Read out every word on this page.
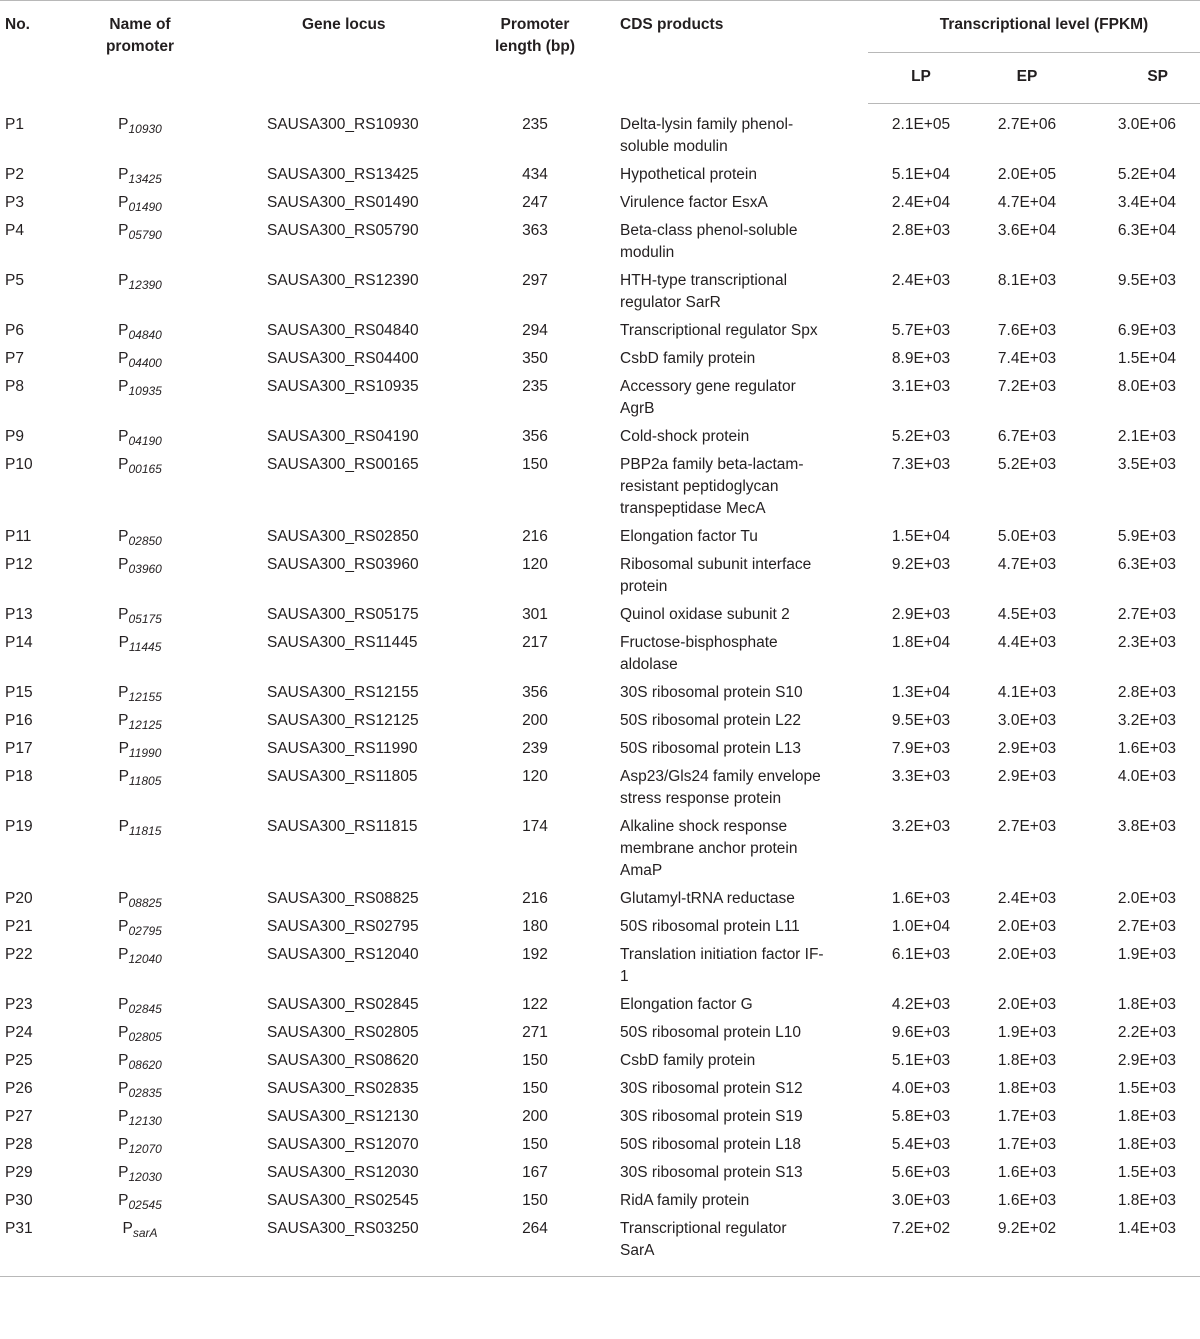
No.	Name of promoter	Gene locus	Promoter length (bp)	CDS products	Transcriptional level (FPKM)		
					LP	EP	SP
P1	$P_{10930}$	SAUSA300_RS10930	235	Delta-lysin family phenol-soluble modulin	2.1E+05	2.7E+06	3.0E+06
P2	$P_{13425}$	SAUSA300_RS13425	434	Hypothetical protein	5.1E+04	2.0E+05	5.2E+04
P3	$P_{01490}$	SAUSA300_RS01490	247	Virulence factor EsxA	2.4E+04	4.7E+04	3.4E+04
P4	$P_{05790}$	SAUSA300_RS05790	363	Beta-class phenol-soluble modulin	2.8E+03	3.6E+04	6.3E+04
P5	$P_{12390}$	SAUSA300_RS12390	297	HTH-type transcriptional regulator SarR	2.4E+03	8.1E+03	9.5E+03
P6	$P_{04840}$	SAUSA300_RS04840	294	Transcriptional regulator Spx	5.7E+03	7.6E+03	6.9E+03
P7	$P_{04400}$	SAUSA300_RS04400	350	CsbD family protein	8.9E+03	7.4E+03	1.5E+04
P8	$P_{10935}$	SAUSA300_RS10935	235	Accessory gene regulator AgrB	3.1E+03	7.2E+03	8.0E+03
P9	$P_{04190}$	SAUSA300_RS04190	356	Cold-shock protein	5.2E+03	6.7E+03	2.1E+03
P10	$P_{00165}$	SAUSA300_RS00165	150	PBP2a family beta-lactam-resistant peptidoglycan transpeptidase MecA	7.3E+03	5.2E+03	3.5E+03
P11	$P_{02850}$	SAUSA300_RS02850	216	Elongation factor Tu	1.5E+04	5.0E+03	5.9E+03
P12	$P_{03960}$	SAUSA300_RS03960	120	Ribosomal subunit interface protein	9.2E+03	4.7E+03	6.3E+03
P13	$P_{05175}$	SAUSA300_RS05175	301	Quinol oxidase subunit 2	2.9E+03	4.5E+03	2.7E+03
P14	$P_{11445}$	SAUSA300_RS11445	217	Fructose-bisphosphate aldolase	1.8E+04	4.4E+03	2.3E+03
P15	$P_{12155}$	SAUSA300_RS12155	356	30S ribosomal protein S10	1.3E+04	4.1E+03	2.8E+03
P16	$P_{12125}$	SAUSA300_RS12125	200	50S ribosomal protein L22	9.5E+03	3.0E+03	3.2E+03
P17	$P_{11990}$	SAUSA300_RS11990	239	50S ribosomal protein L13	7.9E+03	2.9E+03	1.6E+03
P18	$P_{11805}$	SAUSA300_RS11805	120	Asp23/Gls24 family envelope stress response protein	3.3E+03	2.9E+03	4.0E+03
P19	$P_{11815}$	SAUSA300_RS11815	174	Alkaline shock response membrane anchor protein AmaP	3.2E+03	2.7E+03	3.8E+03
P20	$P_{08825}$	SAUSA300_RS08825	216	Glutamyl-tRNA reductase	1.6E+03	2.4E+03	2.0E+03
P21	$P_{02795}$	SAUSA300_RS02795	180	50S ribosomal protein L11	1.0E+04	2.0E+03	2.7E+03
P22	$P_{12040}$	SAUSA300_RS12040	192	Translation initiation factor IF-1	6.1E+03	2.0E+03	1.9E+03
P23	$P_{02845}$	SAUSA300_RS02845	122	Elongation factor G	4.2E+03	2.0E+03	1.8E+03
P24	$P_{02805}$	SAUSA300_RS02805	271	50S ribosomal protein L10	9.6E+03	1.9E+03	2.2E+03
P25	$P_{08620}$	SAUSA300_RS08620	150	CsbD family protein	5.1E+03	1.8E+03	2.9E+03
P26	$P_{02835}$	SAUSA300_RS02835	150	30S ribosomal protein S12	4.0E+03	1.8E+03	1.5E+03
P27	$P_{12130}$	SAUSA300_RS12130	200	30S ribosomal protein S19	5.8E+03	1.7E+03	1.8E+03
P28	$P_{12070}$	SAUSA300_RS12070	150	50S ribosomal protein L18	5.4E+03	1.7E+03	1.8E+03
P29	$P_{12030}$	SAUSA300_RS12030	167	30S ribosomal protein S13	5.6E+03	1.6E+03	1.5E+03
P30	$P_{02545}$	SAUSA300_RS02545	150	RidA family protein	3.0E+03	1.6E+03	1.8E+03
P31	$P_{sarA}$	SAUSA300_RS03250	264	Transcriptional regulator SarA	7.2E+02	9.2E+02	1.4E+03
